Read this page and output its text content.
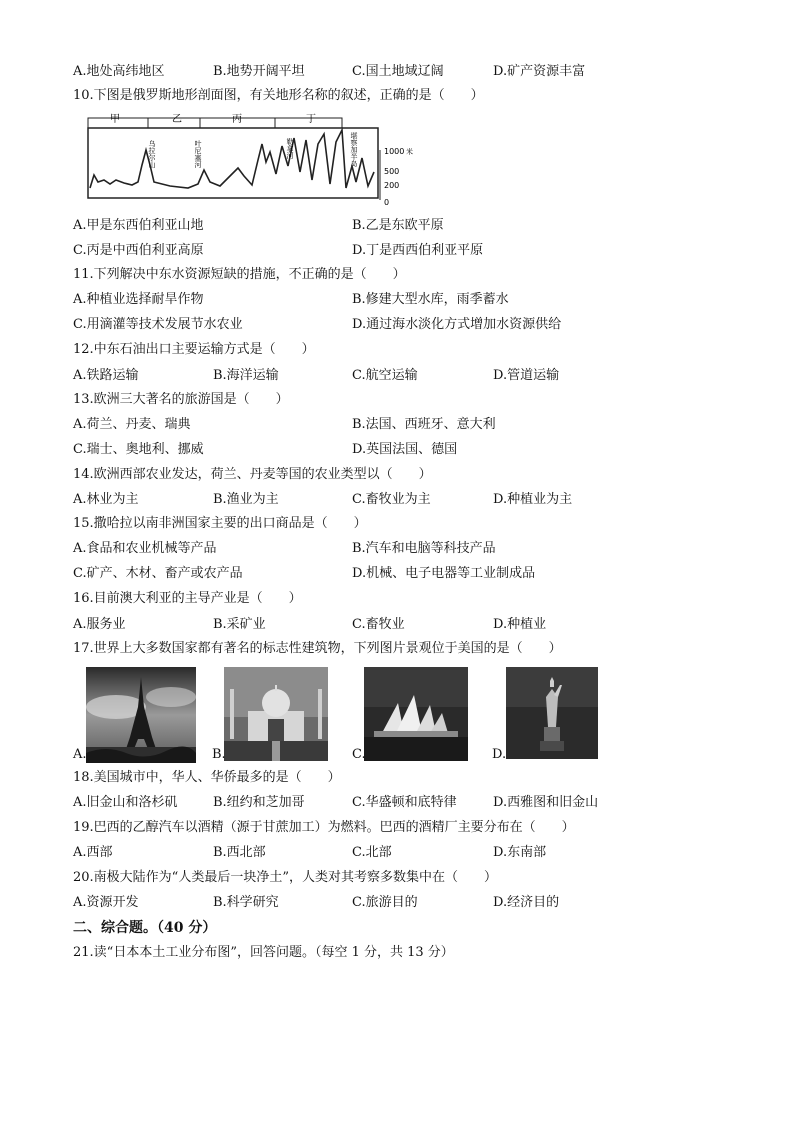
A.地处高纬地区	B.地势开阔平坦	C.国土地域辽阔	D.矿产资源丰富
10.下图是俄罗斯地形剖面图，有关地形名称的叙述，正确的是（　　）
甲	乙	丙	丁
乌拉尔山	叶尼塞河	勒拿河	堪察加半岛	1000 米
500
200
0
A.甲是东西伯利亚山地	B.乙是东欧平原
C.丙是中西伯利亚高原	D.丁是西西伯利亚平原
11.下列解决中东水资源短缺的措施，不正确的是（　　）
A.种植业选择耐旱作物	B.修建大型水库，雨季蓄水
C.用滴灌等技术发展节水农业	D.通过海水淡化方式增加水资源供给
12.中东石油出口主要运输方式是（　　）
A.铁路运输	B.海洋运输	C.航空运输	D.管道运输
13.欧洲三大著名的旅游国是（　　）
A.荷兰、丹麦、瑞典	B.法国、西班牙、意大利
C.瑞士、奥地利、挪威	D.英国法国、德国
14.欧洲西部农业发达，荷兰、丹麦等国的农业类型以（　　）
A.林业为主	B.渔业为主	C.畜牧业为主	D.种植业为主
15.撒哈拉以南非洲国家主要的出口商品是（　　）
A.食品和农业机械等产品	B.汽车和电脑等科技产品
C.矿产、木材、畜产或农产品	D.机械、电子电器等工业制成品
16.目前澳大利亚的主导产业是（　　）
A.服务业	B.采矿业	C.畜牧业	D.种植业
17.世界上大多数国家都有著名的标志性建筑物，下列图片景观位于美国的是（　　）
A.	B.	C.	D.
18.美国城市中，华人、华侨最多的是（　　）
A.旧金山和洛杉矶	B.纽约和芝加哥	C.华盛顿和底特律	D.西雅图和旧金山
19.巴西的乙醇汽车以酒精（源于甘蔗加工）为燃料。巴西的酒精厂主要分布在（　　）
A.西部	B.西北部	C.北部	D.东南部
20.南极大陆作为“人类最后一块净土”，人类对其考察多数集中在（　　）
A.资源开发	B.科学研究	C.旅游目的	D.经济目的
二、综合题。（40 分）
21.读“日本本土工业分布图”，回答问题。（每空 1 分，共 13 分）
